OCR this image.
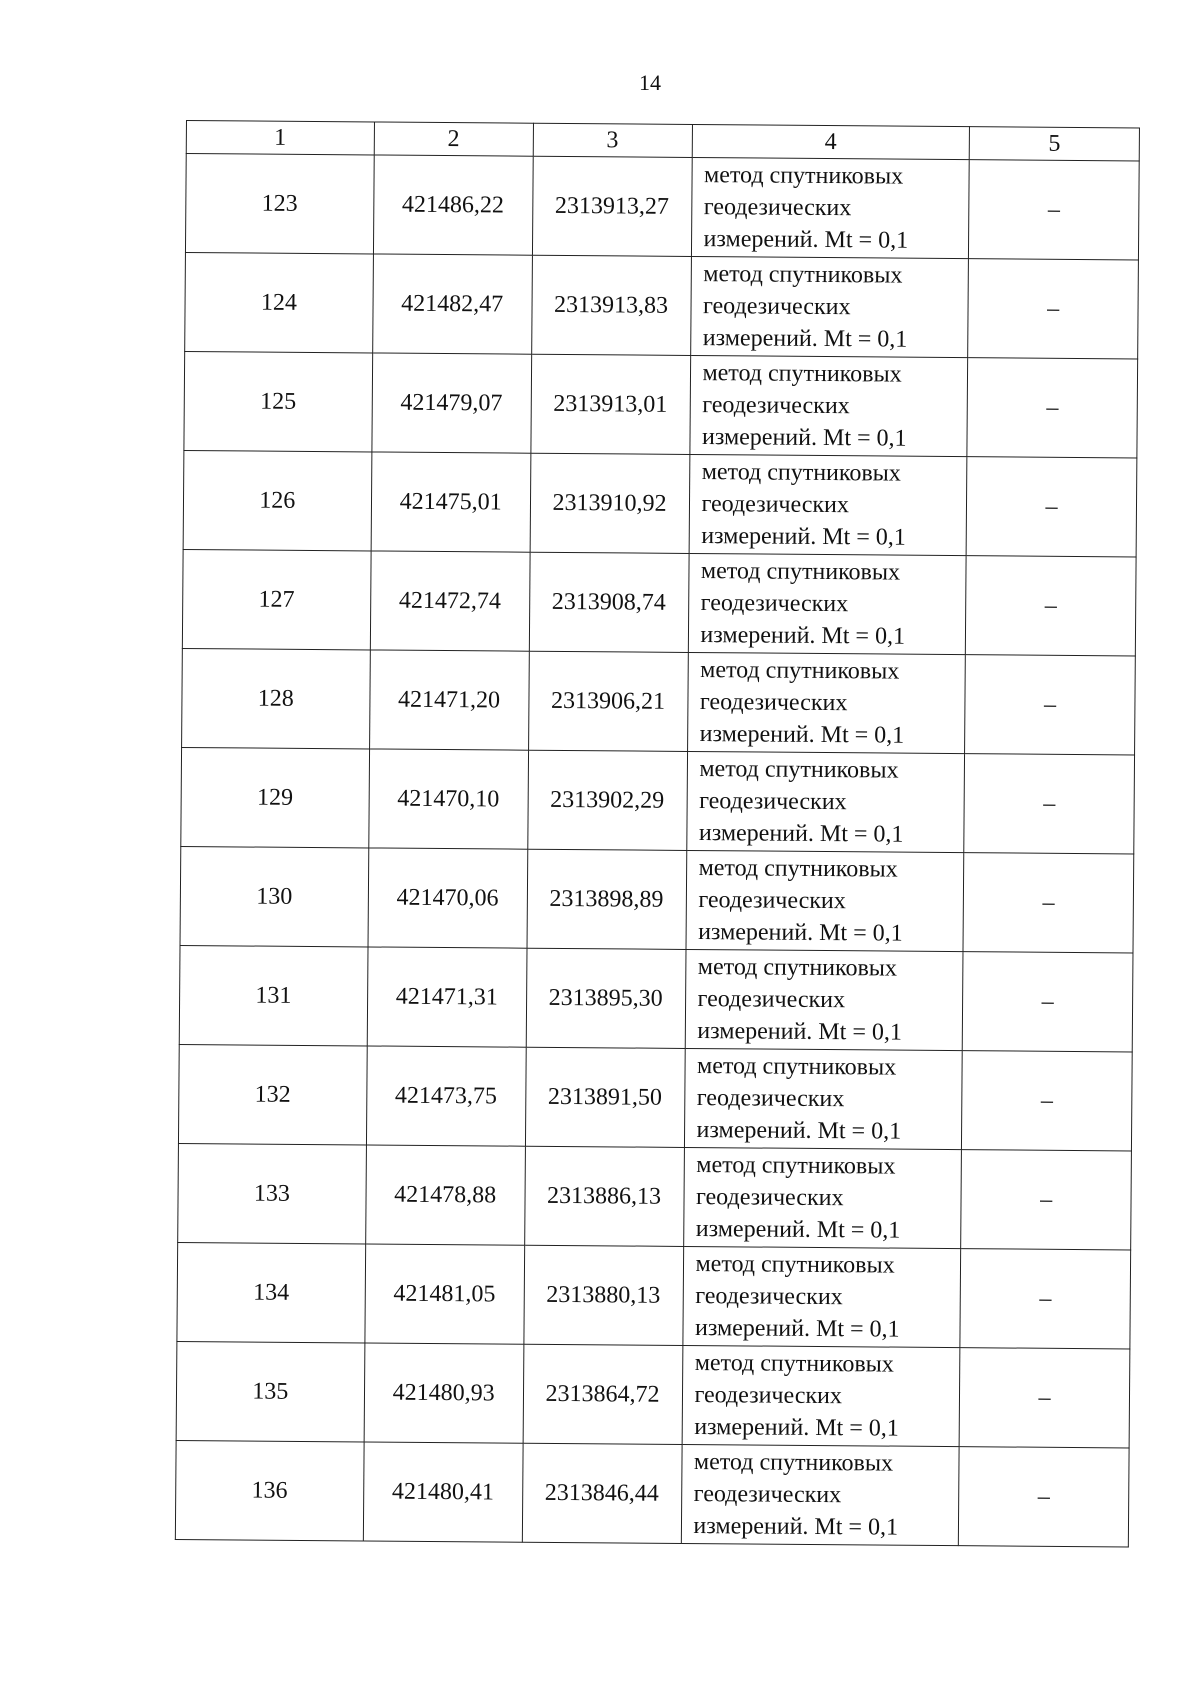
14
1	2	3	4	5
123	421486,22	2313913,27	метод спутниковых
геодезических
измерений. Mt = 0,1	–
124	421482,47	2313913,83	метод спутниковых
геодезических
измерений. Mt = 0,1	–
125	421479,07	2313913,01	метод спутниковых
геодезических
измерений. Mt = 0,1	–
126	421475,01	2313910,92	метод спутниковых
геодезических
измерений. Mt = 0,1	–
127	421472,74	2313908,74	метод спутниковых
геодезических
измерений. Mt = 0,1	–
128	421471,20	2313906,21	метод спутниковых
геодезических
измерений. Mt = 0,1	–
129	421470,10	2313902,29	метод спутниковых
геодезических
измерений. Mt = 0,1	–
130	421470,06	2313898,89	метод спутниковых
геодезических
измерений. Mt = 0,1	–
131	421471,31	2313895,30	метод спутниковых
геодезических
измерений. Mt = 0,1	–
132	421473,75	2313891,50	метод спутниковых
геодезических
измерений. Mt = 0,1	–
133	421478,88	2313886,13	метод спутниковых
геодезических
измерений. Mt = 0,1	–
134	421481,05	2313880,13	метод спутниковых
геодезических
измерений. Mt = 0,1	–
135	421480,93	2313864,72	метод спутниковых
геодезических
измерений. Mt = 0,1	–
136	421480,41	2313846,44	метод спутниковых
геодезических
измерений. Mt = 0,1	–
